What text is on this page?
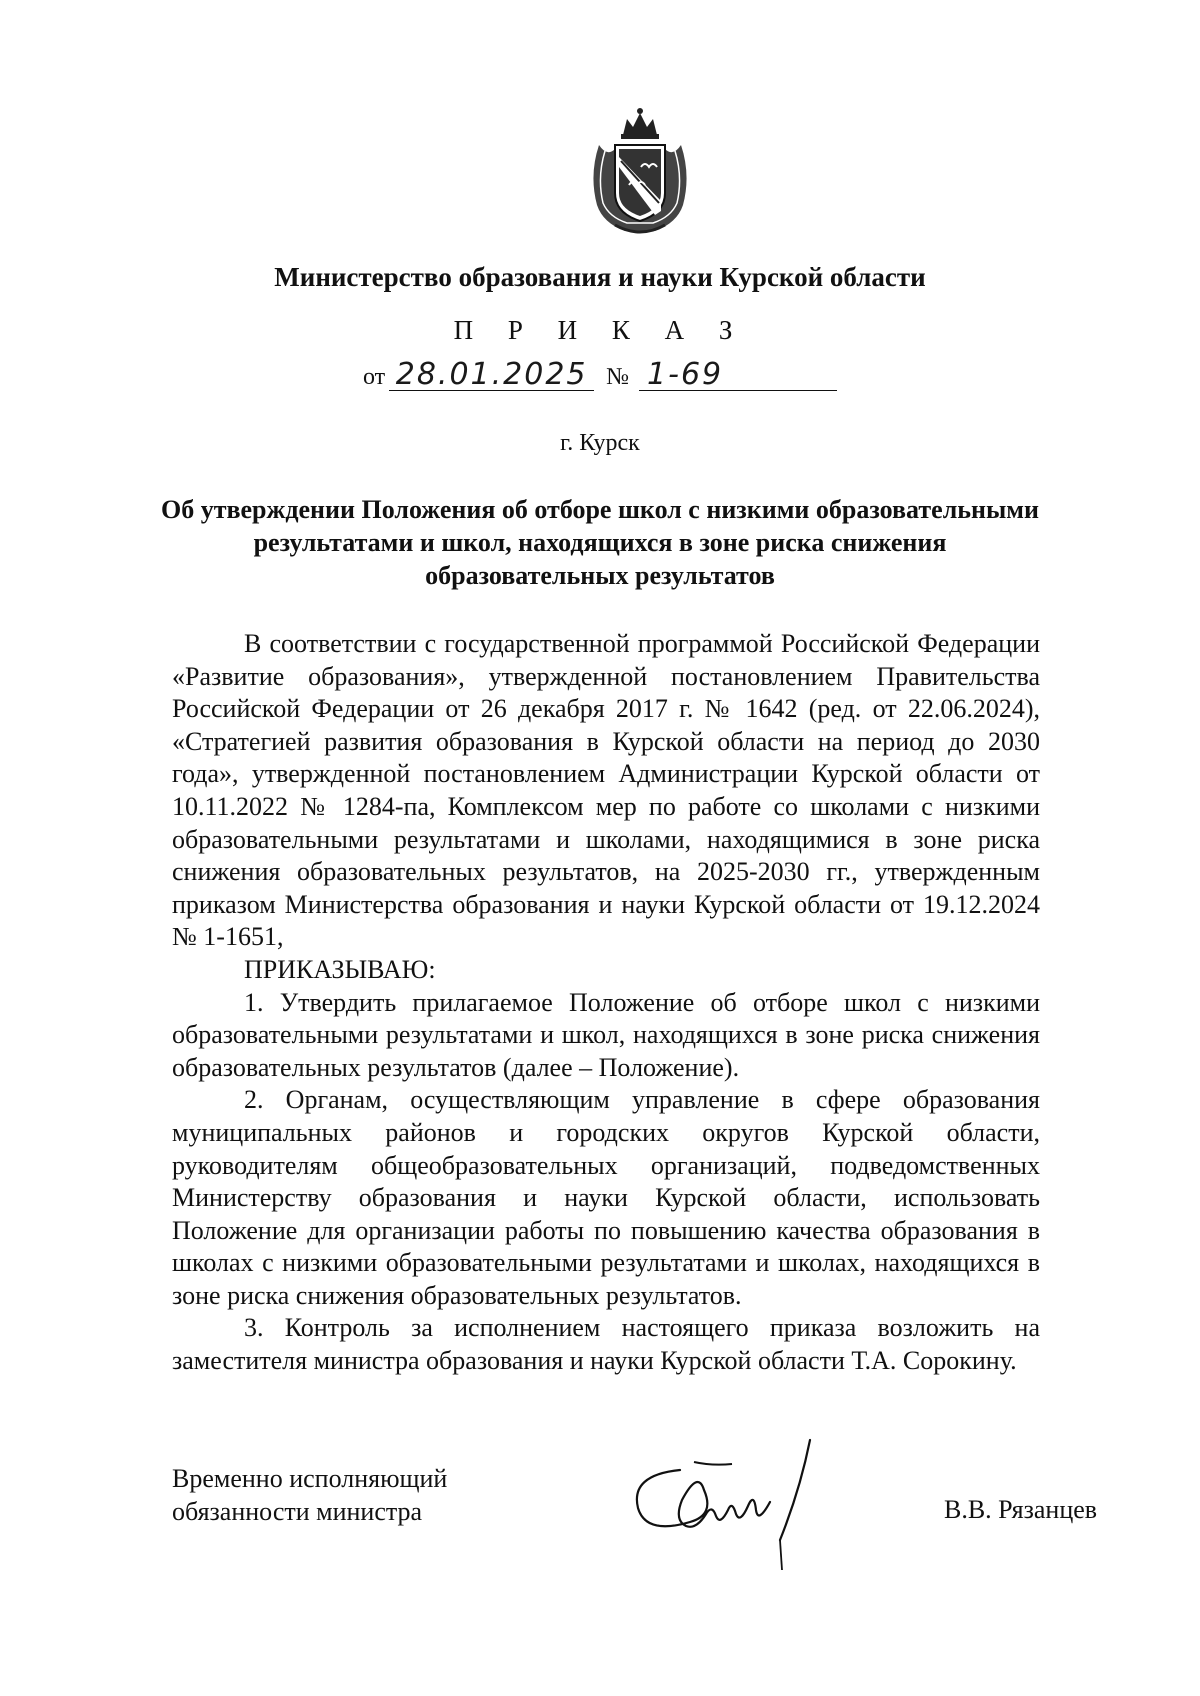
Министерство образования и науки Курской области
П Р И К А З
от 28.01.2025 № 1-69
г. Курск
Об утверждении Положения об отборе школ с низкими образовательными результатами и школ, находящихся в зоне риска снижения образовательных результатов

В соответствии с государственной программой Российской Федерации «Развитие образования», утвержденной постановлением Правительства Российской Федерации от 26 декабря 2017 г. № 1642 (ред. от 22.06.2024), «Стратегией развития образования в Курской области на период до 2030 года», утвержденной постановлением Администрации Курской области от 10.11.2022 № 1284-па, Комплексом мер по работе со школами с низкими образовательными результатами и школами, находящимися в зоне риска снижения образовательных результатов, на 2025-2030 гг., утвержденным приказом Министерства образования и науки Курской области от 19.12.2024 № 1-1651,

ПРИКАЗЫВАЮ:

1. Утвердить прилагаемое Положение об отборе школ с низкими образовательными результатами и школ, находящихся в зоне риска снижения образовательных результатов (далее – Положение).

2. Органам, осуществляющим управление в сфере образования муниципальных районов и городских округов Курской области, руководителям общеобразовательных организаций, подведомственных Министерству образования и науки Курской области, использовать Положение для организации работы по повышению качества образования в школах с низкими образовательными результатами и школах, находящихся в зоне риска снижения образовательных результатов.

3. Контроль за исполнением настоящего приказа возложить на заместителя министра образования и науки Курской области Т.А. Сорокину.

Временно исполняющий
обязанности министра	В.В. Рязанцев
